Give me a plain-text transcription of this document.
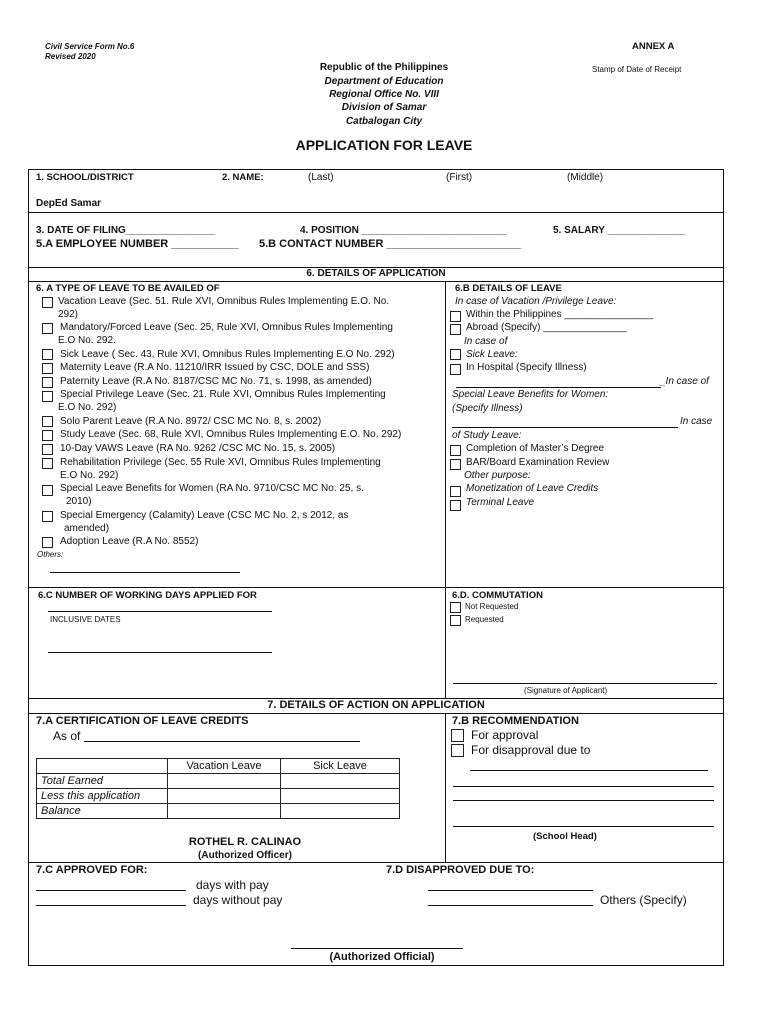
Civil Service Form No.6
Revised 2020
ANNEX A
Stamp of Date of Receipt
Republic of the Philippines
Department of Education
Regional Office No. VIII
Division of Samar
Catbalogan City
APPLICATION FOR LEAVE
1. SCHOOL/DISTRICT	2. NAME:	(Last)	(First)	(Middle)
DepEd Samar
3. DATE OF FILING________________	4. POSITION __________________________	5. SALARY ______________
5.A EMPLOYEE NUMBER ___________ 5.B CONTACT NUMBER ______________________
6. DETAILS OF APPLICATION
6. A TYPE OF LEAVE TO BE AVAILED OF
Vacation Leave (Sec. 51. Rule XVI, Omnibus Rules Implementing E.O. No.
292)
Mandatory/Forced Leave (Sec. 25, Rule XVI, Omnibus Rules Implementing
E.O No. 292.
Sick Leave ( Sec. 43, Rule XVI, Omnibus Rules Implementing E.O No. 292)
Maternity Leave (R.A No. 11210/IRR Issued by CSC, DOLE and SSS)
Paternity Leave (R.A No. 8187/CSC MC No. 71, s. 1998, as amended)
Special Privilege Leave (Sec. 21. Rule XVI, Omnibus Rules Implementing
E.O No. 292)
Solo Parent Leave (R.A No. 8972/ CSC MC No. 8, s. 2002)
Study Leave (Sec. 68, Rule XVI, Omnibus Rules Implementing E.O. No. 292)
10-Day VAWS Leave (RA No. 9262 /CSC MC No. 15, s. 2005)
Rehabilitation Privilege (Sec. 55 Rule XVI, Omnibus Rules Implementing
E.O No. 292)
Special Leave Benefits for Women (RA No. 9710/CSC MC No. 25, s.
2010)
Special Emergency (Calamity) Leave (CSC MC No. 2, s 2012, as
amended)
Adoption Leave (R.A No. 8552)
Others:
6.B DETAILS OF LEAVE
In case of Vacation /Privilege Leave:
Within the Philippines ________________
Abroad (Specify) _______________
In case of
Sick Leave:
In Hospital (Specify Illness)
_In case of
Special Leave Benefits for Women:
(Specify Illness)
In case
of Study Leave:
Completion of Master’s Degree
BAR/Board Examination Review
Other purpose:
Monetization of Leave Credits
Terminal Leave
6.C NUMBER OF WORKING DAYS APPLIED FOR
INCLUSIVE DATES
6.D. COMMUTATION
Not Requested
Requested
(Signature of Applicant)
7. DETAILS OF ACTION ON APPLICATION
7.A CERTIFICATION OF LEAVE CREDITS
As of
	Vacation Leave	Sick Leave
Total Earned		
Less this application		
Balance		
ROTHEL R. CALINAO
(Authorized Officer)
7.B RECOMMENDATION
For approval
For disapproval due to
(School Head)
7.C APPROVED FOR:
days with pay
days without pay
7.D DISAPPROVED DUE TO:
Others (Specify)
(Authorized Official)
